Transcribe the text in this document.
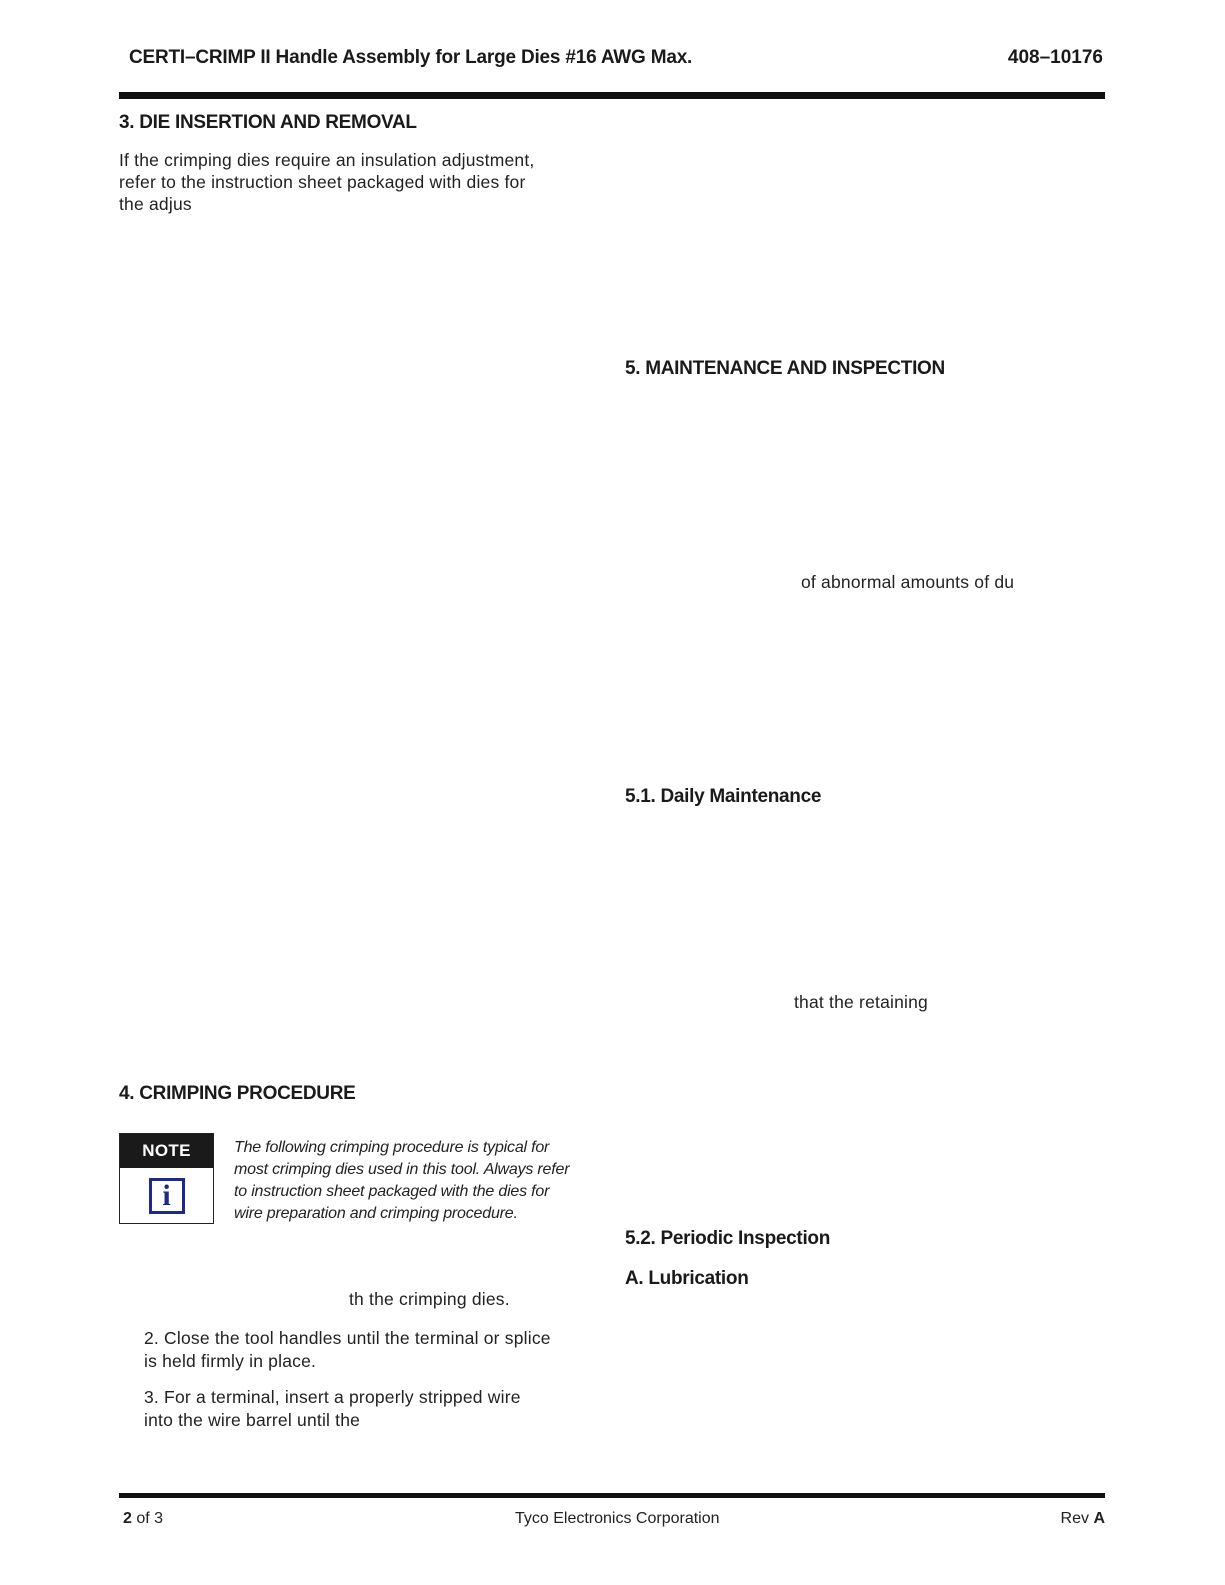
CERTI–CRIMP II Handle Assembly for Large Dies #16 AWG Max.	408–10176
3. DIE INSERTION AND REMOVAL
If the crimping dies require an insulation adjustment,
refer to the instruction sheet packaged with dies for
the adjus
4. CRIMPING PROCEDURE
NOTE
i
The following crimping procedure is typical for
most crimping dies used in this tool. Always refer
to instruction sheet packaged with the dies for
wire preparation and crimping procedure.
th the crimping dies.
2. Close the tool handles until the terminal or splice
is held firmly in place.
3. For a terminal, insert a properly stripped wire
into the wire barrel until the
5. MAINTENANCE AND INSPECTION
of abnormal amounts of du
5.1. Daily Maintenance
that the retaining
5.2. Periodic Inspection
A. Lubrication
2 of 3	Tyco Electronics Corporation	Rev A
